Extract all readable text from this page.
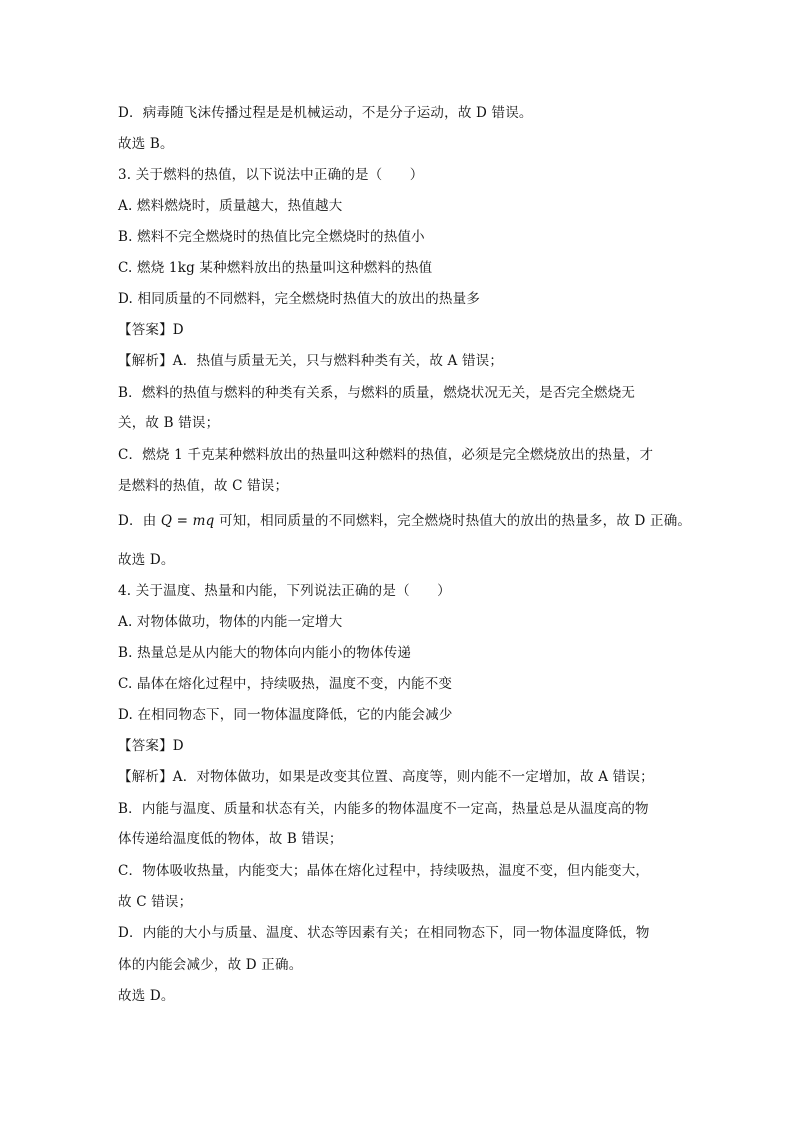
D．病毒随飞沫传播过程是是机械运动，不是分子运动，故 D 错误。
故选 B。
3. 关于燃料的热值，以下说法中正确的是（　　）
A. 燃料燃烧时，质量越大，热值越大
B. 燃料不完全燃烧时的热值比完全燃烧时的热值小
C. 燃烧 1kg 某种燃料放出的热量叫这种燃料的热值
D. 相同质量的不同燃料，完全燃烧时热值大的放出的热量多
【答案】D
【解析】A．热值与质量无关，只与燃料种类有关，故 A 错误；
B．燃料的热值与燃料的种类有关系，与燃料的质量，燃烧状况无关，是否完全燃烧无
关，故 B 错误；
C．燃烧 1 千克某种燃料放出的热量叫这种燃料的热值，必须是完全燃烧放出的热量，才
是燃料的热值，故 C 错误；
D．由 Q = mq 可知，相同质量的不同燃料，完全燃烧时热值大的放出的热量多，故 D 正确。
故选 D。
4. 关于温度、热量和内能，下列说法正确的是（　　）
A. 对物体做功，物体的内能一定增大
B. 热量总是从内能大的物体向内能小的物体传递
C. 晶体在熔化过程中，持续吸热，温度不变，内能不变
D. 在相同物态下，同一物体温度降低，它的内能会减少
【答案】D
【解析】A．对物体做功，如果是改变其位置、高度等，则内能不一定增加，故 A 错误；
B．内能与温度、质量和状态有关，内能多的物体温度不一定高，热量总是从温度高的物
体传递给温度低的物体，故 B 错误；
C．物体吸收热量，内能变大；晶体在熔化过程中，持续吸热，温度不变，但内能变大，
故 C 错误；
D．内能的大小与质量、温度、状态等因素有关；在相同物态下，同一物体温度降低，物
体的内能会减少，故 D 正确。
故选 D。
